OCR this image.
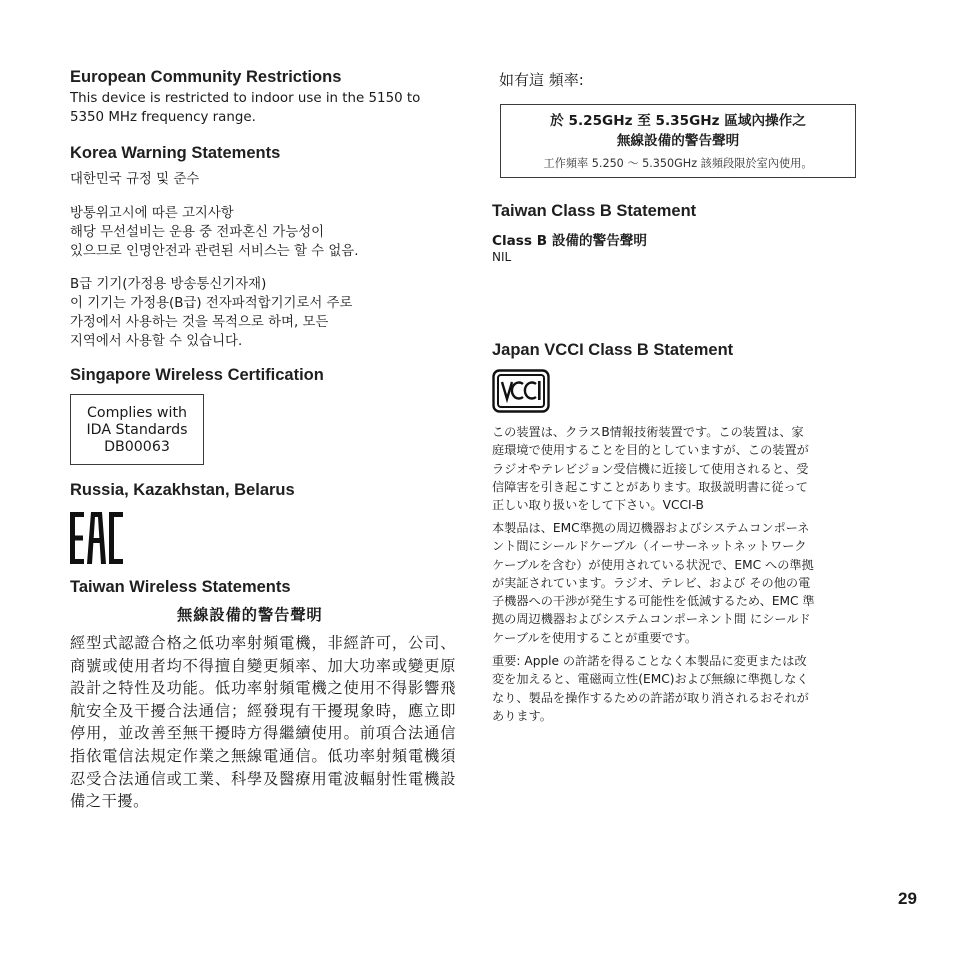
European Community Restrictions

This device is restricted to indoor use in the 5150 to 5350 MHz frequency range.

Korea Warning Statements

대한민국 규정 및 준수

방통위고시에 따른 고지사항
해당 무선설비는 운용 중 전파혼신 가능성이
있으므로 인명안전과 관련된 서비스는 할 수 없음.

B급 기기(가정용 방송통신기자재)
이 기기는 가정용(B급) 전자파적합기기로서 주로
가정에서 사용하는 것을 목적으로 하며, 모든
지역에서 사용할 수 있습니다.

Singapore Wireless Certification
Complies with
IDA Standards
DB00063
Russia, Kazakhstan, Belarus
Taiwan Wireless Statements

無線設備的警告聲明

經型式認證合格之低功率射頻電機，非經許可，公司、商號或使用者均不得擅自變更頻率、加大功率或變更原設計之特性及功能。低功率射頻電機之使用不得影響飛航安全及干擾合法通信；經發現有干擾現象時，應立即停用，並改善至無干擾時方得繼續使用。前項合法通信指依電信法規定作業之無線電通信。低功率射頻電機須忍受合法通信或工業、科學及醫療用電波輻射性電機設備之干擾。

如有這 頻率:

於 5.25GHz 至 5.35GHz 區域內操作之
無線設備的警告聲明
工作頻率 5.250 ～ 5.350GHz 該頻段限於室內使用。
Taiwan Class B Statement

Class B 設備的警告聲明

NIL

Japan VCCI Class B Statement

この装置は、クラスB情報技術装置です。この装置は、家
庭環境で使用することを目的としていますが、この装置が
ラジオやテレビジョン受信機に近接して使用されると、受
信障害を引き起こすことがあります。取扱説明書に従って
正しい取り扱いをして下さい。VCCI-B

本製品は、EMC準拠の周辺機器およびシステムコンポーネ
ント間にシールドケーブル（イーサーネットネットワーク
ケーブルを含む）が使用されている状況で、EMC への準拠
が実証されています。ラジオ、テレビ、および その他の電
子機器への干渉が発生する可能性を低減するため、EMC 準
拠の周辺機器およびシステムコンポーネント間 にシールド
ケーブルを使用することが重要です。

重要: Apple の許諾を得ることなく本製品に変更または改
変を加えると、電磁両立性(EMC)および無線に準拠しなく
なり、製品を操作するための許諾が取り消されるおそれが
あります。

29
